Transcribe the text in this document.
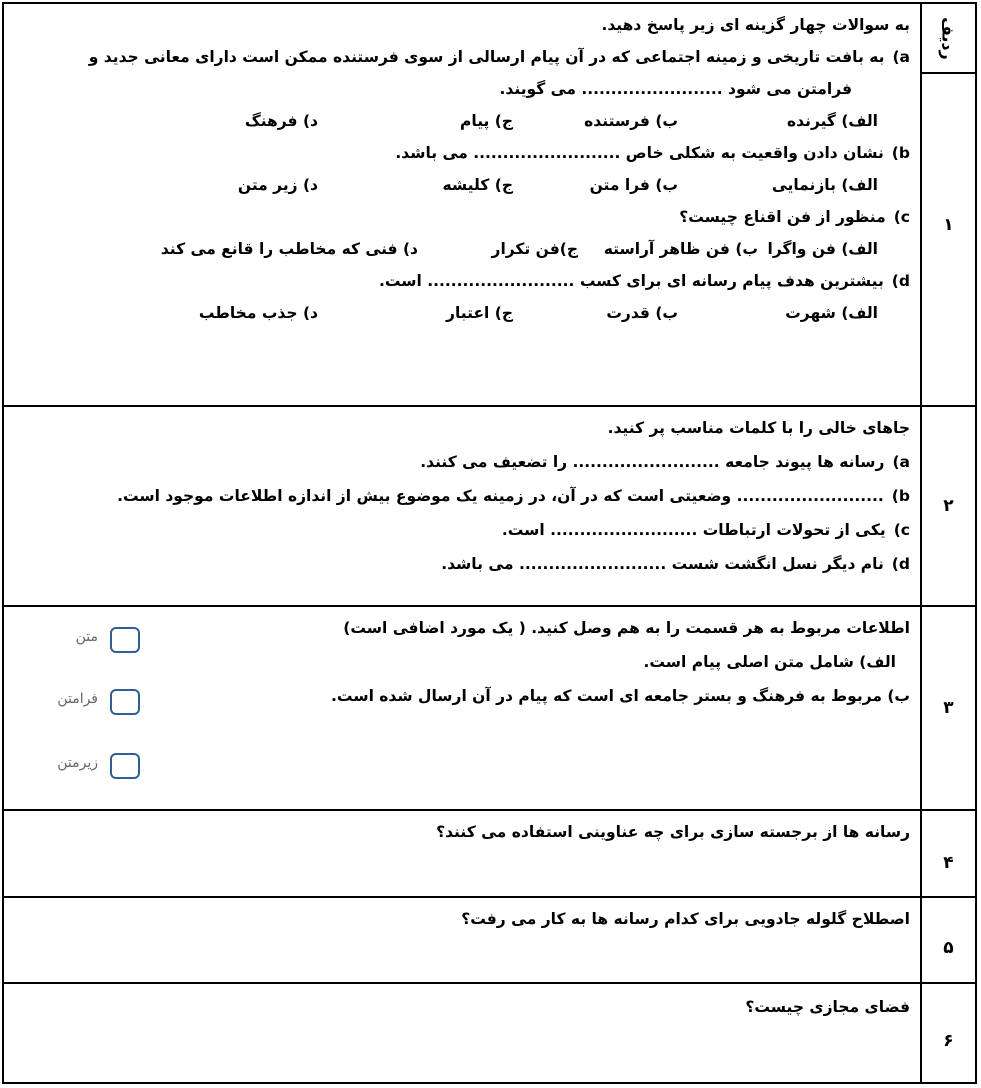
ردیف
۱
به سوالات چهار گزینه ای زیر پاسخ دهید.
a)به بافت تاریخی و زمینه اجتماعی که در آن پیام ارسالی از سوی فرستنده ممکن است دارای معانی جدید و
فرامتن می شود ........................ می گویند.
الف) گیرنده
ب) فرستنده
ج) پیام
د) فرهنگ
b)نشان دادن واقعیت به شکلی خاص ......................... می باشد.
الف) بازنمایی
ب) فرا متن
ج) کلیشه
د) زیر متن
c)منظور از فن اقناع چیست؟
الف) فن واگرا
ب) فن ظاهر آراسته
ج)فن تکرار
د) فنی که مخاطب را قانع می کند
d)بیشترین هدف پیام رسانه ای برای کسب ......................... است.
الف) شهرت
ب) قدرت
ج) اعتبار
د) جذب مخاطب
۲
جاهای خالی را با کلمات مناسب پر کنید.
a)رسانه ها پیوند جامعه ......................... را تضعیف می کنند.
b)......................... وضعیتی است که در آن، در زمینه یک موضوع بیش از اندازه اطلاعات موجود است.
c)یکی از تحولات ارتباطات ......................... است.
d)نام دیگر نسل انگشت شست ......................... می باشد.
۳
اطلاعات مربوط به هر قسمت را به هم وصل کنید. ( یک مورد اضافی است)
الف) شامل متن اصلی پیام است.
ب) مربوط به فرهنگ و بستر جامعه ای است که پیام در آن ارسال شده است.
متن
فرامتن
زیرمتن
۴
رسانه ها از برجسته سازی برای چه عناوینی استفاده می کنند؟
۵
اصطلاح گلوله جادویی برای کدام رسانه ها به کار می رفت؟
۶
فضای مجازی چیست؟
